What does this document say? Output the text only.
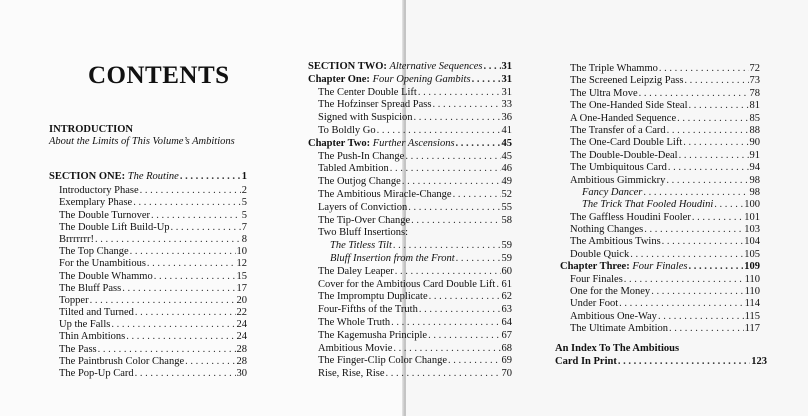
CONTENTS
INTRODUCTION
About the Limits of This Volume’s Ambitions
SECTION ONE: The Routine . . .	1
Introductory Phase . . .	2
Exemplary Phase . . .	5
The Double Turnover . . .	5
The Double Lift Build-Up . . .	7
Brrrrrrr! . . .	8
The Top Change . . .	10
For the Unambitious . . .	12
The Double Whammo . . .	15
The Bluff Pass . . .	17
Topper . . .	20
Tilted and Turned . . .	22
Up the Falls . . .	24
Thin Ambitions . . .	24
The Pass . . .	28
The Paintbrush Color Change . . .	28
The Pop-Up Card . . .	30
SECTION TWO: Alternative Sequences . . . 31
Chapter One: Four Opening Gambits . . .	31
The Center Double Lift . . .	31
The Hofzinser Spread Pass . . .	33
Signed with Suspicion . . .	36
To Boldly Go . . .	41
Chapter Two: Further Ascensions . . .	45
The Push-In Change . . .	45
Tabled Ambition . . .	46
The Outjog Change . . .	49
The Ambitious Miracle-Change . . .	52
Layers of Conviction . . .	55
The Tip-Over Change . . .	58
Two Bluff Insertions:
The Titless Tilt . . .	59
Bluff Insertion from the Front . . .	59
The Daley Leaper . . .	60
Cover for the Ambitious Card Double Lift . . . 61
The Impromptu Duplicate . . .	62
Four-Fifths of the Truth . . .	63
The Whole Truth . . .	64
The Kagemusha Principle . . .	67
Ambitious Movie . . .	68
The Finger-Clip Color Change . . .	69
Rise, Rise, Rise . . .	70
The Triple Whammo . . .	72
The Screened Leipzig Pass . . .	73
The Ultra Move . . .	78
The One-Handed Side Steal . . .	81
A One-Handed Sequence . . .	85
The Transfer of a Card . . .	88
The One-Card Double Lift . . .	90
The Double-Double-Deal . . .	91
The Umbiquitous Card . . .	94
Ambitious Gimmickry . . .	98
Fancy Dancer . . .	98
The Trick That Fooled Houdini . . .	100
The Gaffless Houdini Fooler . . .	101
Nothing Changes . . .	103
The Ambitious Twins . . .	104
Double Quick . . .	105
Chapter Three: Four Finales . . .	109
Four Finales . . .	110
One for the Money . . .	110
Under Foot . . .	114
Ambitious One-Way . . .	115
The Ultimate Ambition . . .	117
An Index To The Ambitious
Card In Print . . .	123
